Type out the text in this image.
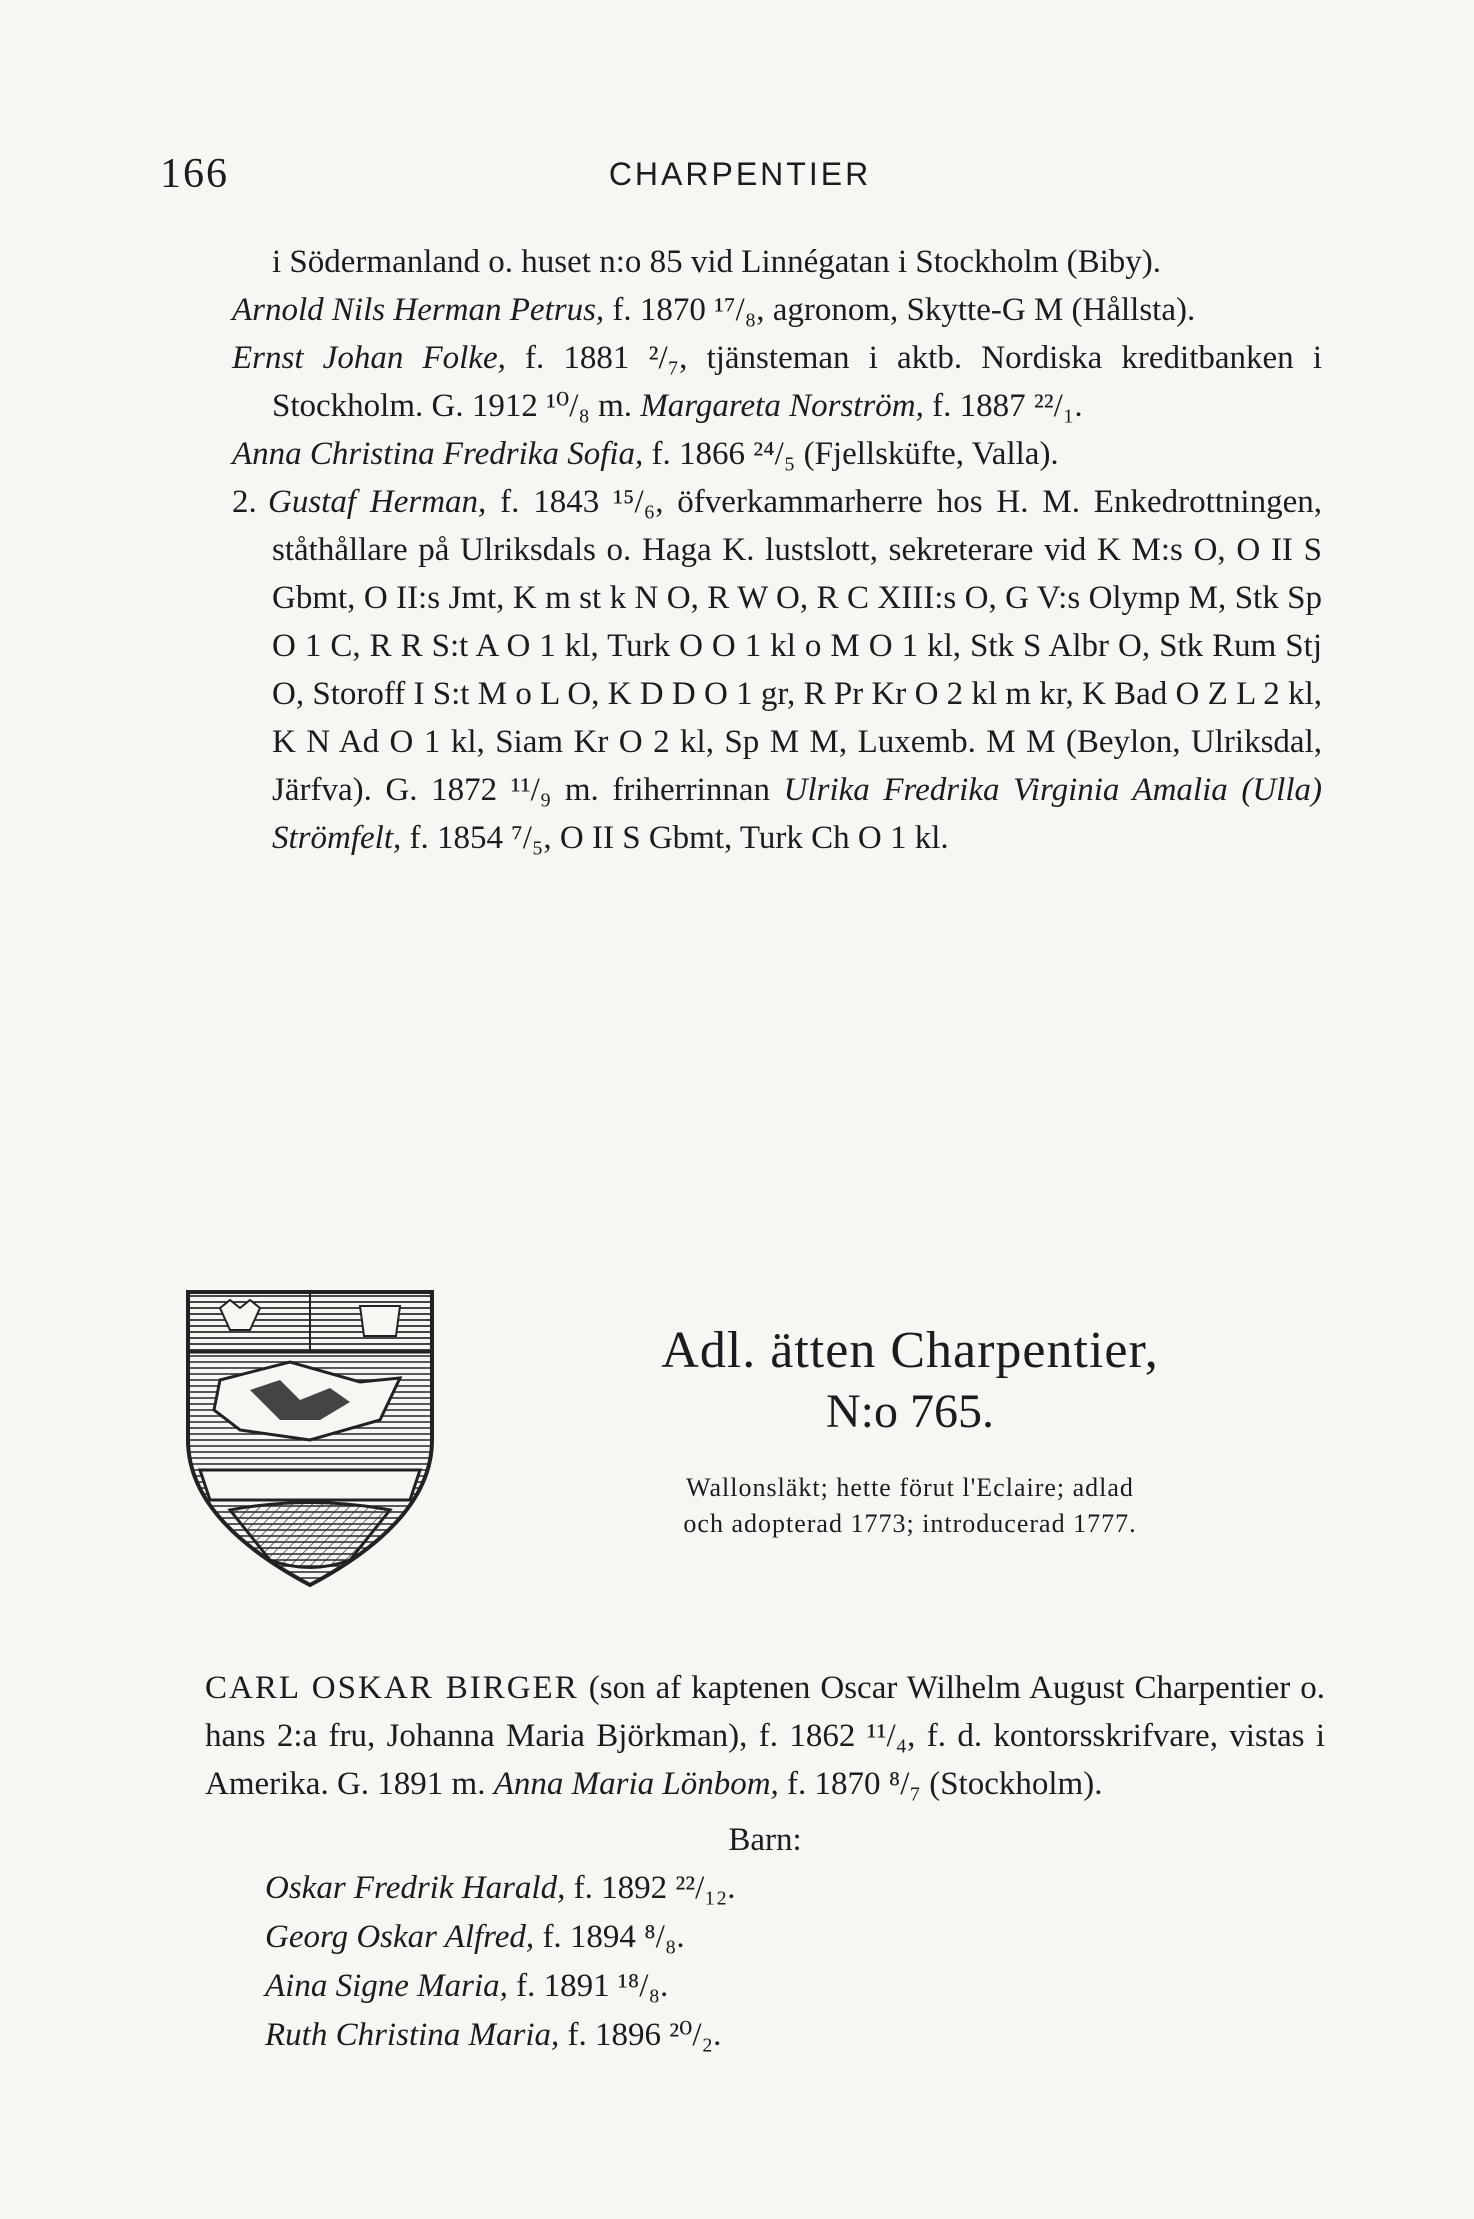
166	CHARPENTIER

i Södermanland o. huset n:o 85 vid Linnégatan i Stockholm (Biby).

Arnold Nils Herman Petrus, f. 1870 ¹⁷/₈, agronom, Skytte-G M (Hållsta).

Ernst Johan Folke, f. 1881 ²/₇, tjänsteman i aktb. Nordiska kreditbanken i Stockholm. G. 1912 ¹⁰/₈ m. Margareta Norström, f. 1887 ²²/₁.

Anna Christina Fredrika Sofia, f. 1866 ²⁴/₅ (Fjellsküfte, Valla).

2. Gustaf Herman, f. 1843 ¹⁵/₆, öfverkammarherre hos H. M. Enkedrottningen, ståthållare på Ulriksdals o. Haga K. lustslott, sekreterare vid K M:s O, O II S Gbmt, O II:s Jmt, K m st k N O, R W O, R C XIII:s O, G V:s Olymp M, Stk Sp O 1 C, R R S:t A O 1 kl, Turk O O 1 kl o M O 1 kl, Stk S Albr O, Stk Rum Stj O, Storoff I S:t M o L O, K D D O 1 gr, R Pr Kr O 2 kl m kr, K Bad O Z L 2 kl, K N Ad O 1 kl, Siam Kr O 2 kl, Sp M M, Luxemb. M M (Beylon, Ulriksdal, Järfva). G. 1872 ¹¹/₉ m. friherrinnan Ulrika Fredrika Virginia Amalia (Ulla) Strömfelt, f. 1854 ⁷/₅, O II S Gbmt, Turk Ch O 1 kl.

Adl. ätten Charpentier,
N:o 765.
Wallonsläkt; hette förut l'Eclaire; adlad
och adopterad 1773; introducerad 1777.

CARL OSKAR BIRGER (son af kaptenen Oscar Wilhelm August Charpentier o. hans 2:a fru, Johanna Maria Björkman), f. 1862 ¹¹/₄, f. d. kontorsskrifvare, vistas i Amerika. G. 1891 m. Anna Maria Lönbom, f. 1870 ⁸/₇ (Stockholm).

Barn:

Oskar Fredrik Harald, f. 1892 ²²/₁₂.

Georg Oskar Alfred, f. 1894 ⁸/₈.

Aina Signe Maria, f. 1891 ¹⁸/₈.

Ruth Christina Maria, f. 1896 ²⁰/₂.
